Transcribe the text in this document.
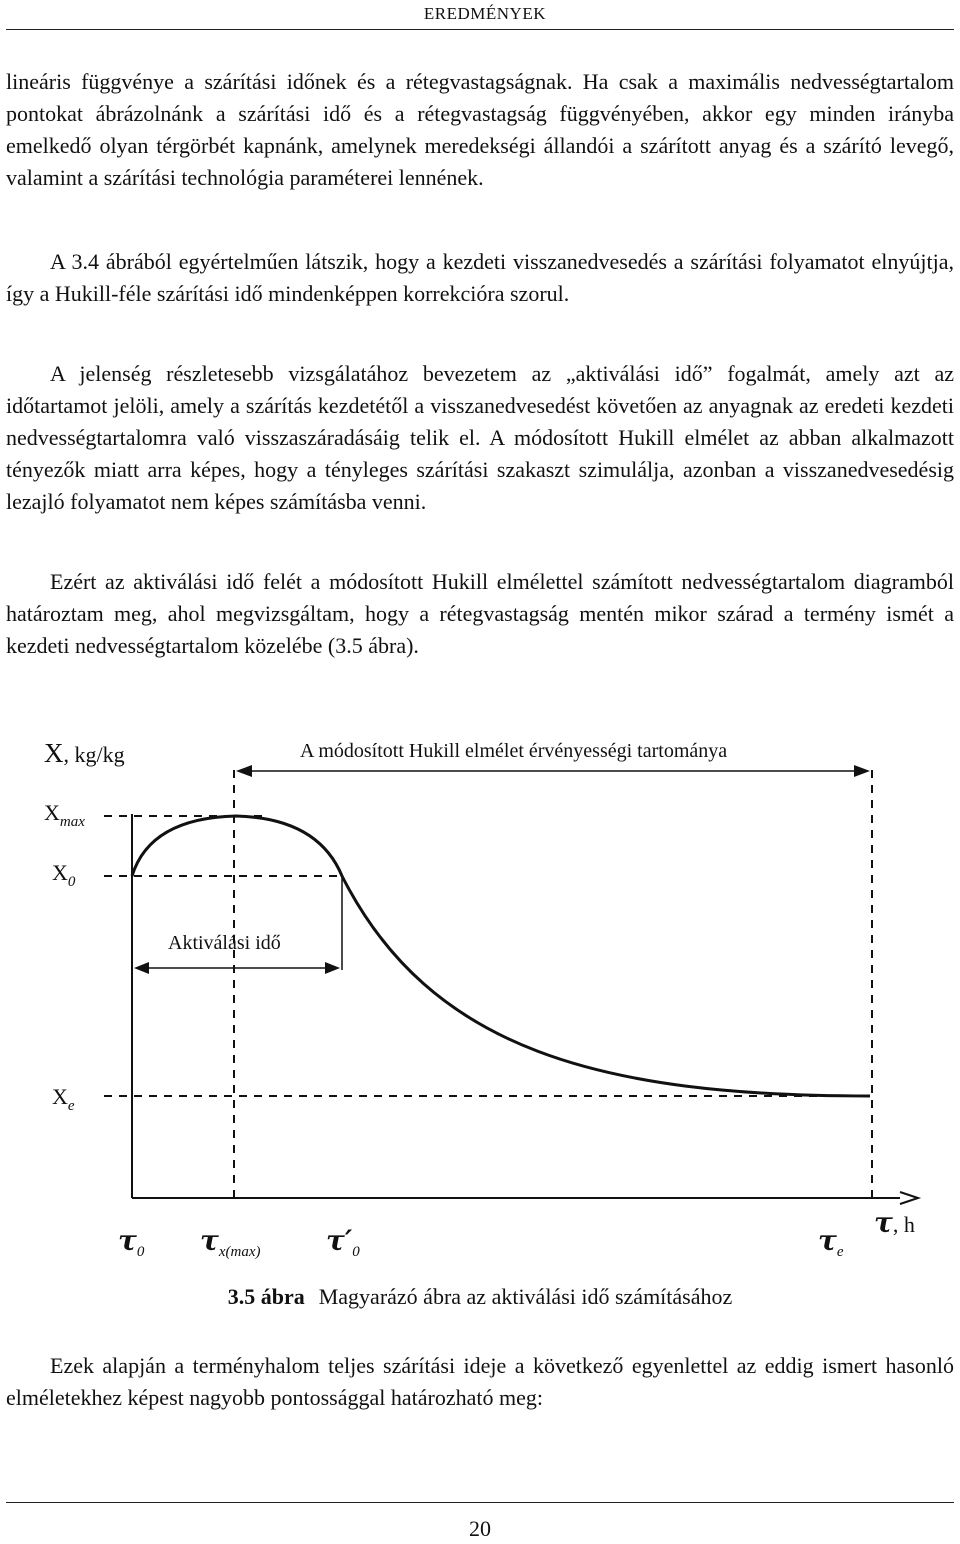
EREDMÉNYEK

lineáris függvénye a szárítási időnek és a rétegvastagságnak. Ha csak a maximális nedvességtartalom pontokat ábrázolnánk a szárítási idő és a rétegvastagság függvényében, akkor egy minden irányba emelkedő olyan térgörbét kapnánk, amelynek meredekségi állandói a szárított anyag és a szárító levegő, valamint a szárítási technológia paraméterei lennének.

A 3.4 ábrából egyértelműen látszik, hogy a kezdeti visszanedvesedés a szárítási folyamatot elnyújtja, így a Hukill-féle szárítási idő mindenképpen korrekcióra szorul.

A jelenség részletesebb vizsgálatához bevezetem az „aktiválási idő” fogalmát, amely azt az időtartamot jelöli, amely a szárítás kezdetétől a visszanedvesedést követően az anyagnak az eredeti kezdeti nedvességtartalomra való visszaszáradásáig telik el. A módosított Hukill elmélet az abban alkalmazott tényezők miatt arra képes, hogy a tényleges szárítási szakaszt szimulálja, azonban a visszanedvesedésig lezajló folyamatot nem képes számításba venni.

Ezért az aktiválási idő felét a módosított Hukill elmélettel számított nedvességtartalom diagramból határoztam meg, ahol megvizsgáltam, hogy a rétegvastagság mentén mikor szárad a termény ismét a kezdeti nedvességtartalom közelébe (3.5 ábra).

X, kg/kg	A módosított Hukill elmélet érvényességi tartománya
$X_{max}$
$X_0$
Aktiválási idő
$X_e$
$\tau_0$ $\tau_{x(max)}$ $\tau'_0$	$\tau_e$
τ, h
3.5 ábra Magyarázó ábra az aktiválási idő számításához

Ezek alapján a terményhalom teljes szárítási ideje a következő egyenlettel az eddig ismert hasonló elméletekhez képest nagyobb pontossággal határozható meg:

20
